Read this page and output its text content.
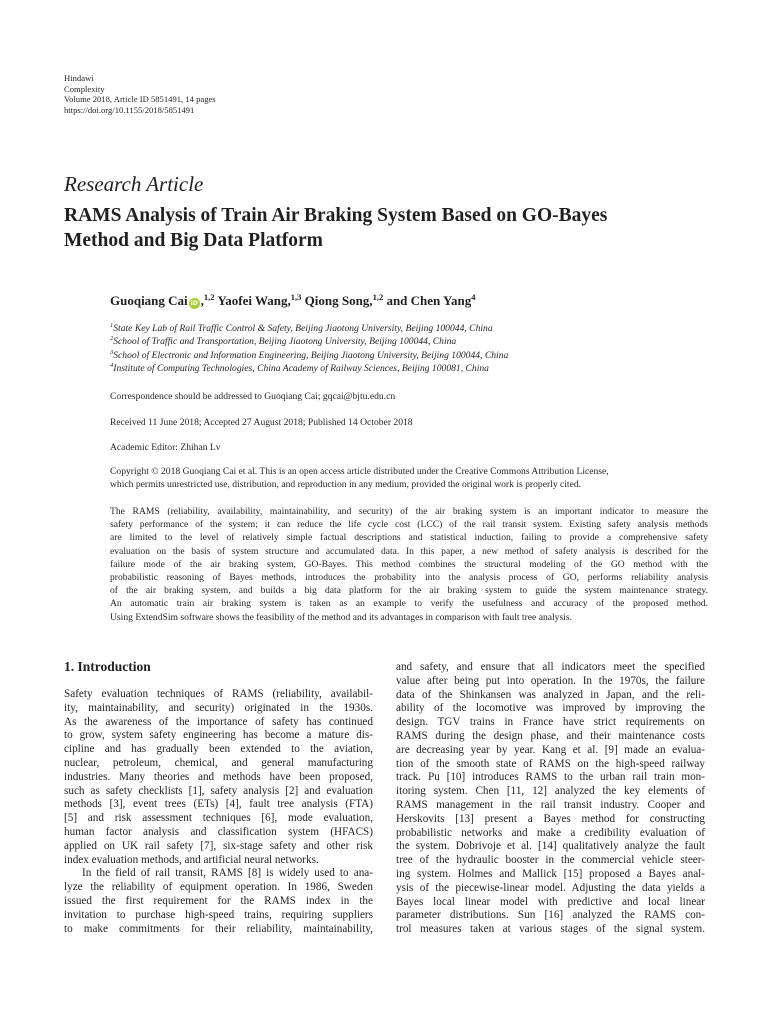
Hindawi
Complexity
Volume 2018, Article ID 5851491, 14 pages
https://doi.org/10.1155/2018/5851491
Research Article
RAMS Analysis of Train Air Braking System Based on GO-Bayes
Method and Big Data Platform
Guoqiang Cai iD ,$^{1,2}$ Yaofei Wang,$^{1,3}$ Qiong Song,$^{1,2}$ and Chen Yang$^4$
$^1$State Key Lab of Rail Traffic Control & Safety, Beijing Jiaotong University, Beijing 100044, China
$^2$School of Traffic and Transportation, Beijing Jiaotong University, Beijing 100044, China
$^3$School of Electronic and Information Engineering, Beijing Jiaotong University, Beijing 100044, China
$^4$Institute of Computing Technologies, China Academy of Railway Sciences, Beijing 100081, China
Correspondence should be addressed to Guoqiang Cai; gqcai@bjtu.edu.cn
Received 11 June 2018; Accepted 27 August 2018; Published 14 October 2018
Academic Editor: Zhihan Lv
Copyright © 2018 Guoqiang Cai et al. This is an open access article distributed under the Creative Commons Attribution License,
which permits unrestricted use, distribution, and reproduction in any medium, provided the original work is properly cited.
The RAMS (reliability, availability, maintainability, and security) of the air braking system is an important indicator to measure the
safety performance of the system; it can reduce the life cycle cost (LCC) of the rail transit system. Existing safety analysis methods
are limited to the level of relatively simple factual descriptions and statistical induction, failing to provide a comprehensive safety
evaluation on the basis of system structure and accumulated data. In this paper, a new method of safety analysis is described for the
failure mode of the air braking system, GO-Bayes. This method combines the structural modeling of the GO method with the
probabilistic reasoning of Bayes methods, introduces the probability into the analysis process of GO, performs reliability analysis
of the air braking system, and builds a big data platform for the air braking system to guide the system maintenance strategy.
An automatic train air braking system is taken as an example to verify the usefulness and accuracy of the proposed method.
Using ExtendSim software shows the feasibility of the method and its advantages in comparison with fault tree analysis.
1. Introduction
Safety evaluation techniques of RAMS (reliability, availabil-
ity, maintainability, and security) originated in the 1930s.
As the awareness of the importance of safety has continued
to grow, system safety engineering has become a mature dis-
cipline and has gradually been extended to the aviation,
nuclear, petroleum, chemical, and general manufacturing
industries. Many theories and methods have been proposed,
such as safety checklists [1], safety analysis [2] and evaluation
methods [3], event trees (ETs) [4], fault tree analysis (FTA)
[5] and risk assessment techniques [6], mode evaluation,
human factor analysis and classification system (HFACS)
applied on UK rail safety [7], six-stage safety and other risk
index evaluation methods, and artificial neural networks.
In the field of rail transit, RAMS [8] is widely used to ana-
lyze the reliability of equipment operation. In 1986, Sweden
issued the first requirement for the RAMS index in the
invitation to purchase high-speed trains, requiring suppliers
to make commitments for their reliability, maintainability,
and safety, and ensure that all indicators meet the specified
value after being put into operation. In the 1970s, the failure
data of the Shinkansen was analyzed in Japan, and the reli-
ability of the locomotive was improved by improving the
design. TGV trains in France have strict requirements on
RAMS during the design phase, and their maintenance costs
are decreasing year by year. Kang et al. [9] made an evalua-
tion of the smooth state of RAMS on the high-speed railway
track. Pu [10] introduces RAMS to the urban rail train mon-
itoring system. Chen [11, 12] analyzed the key elements of
RAMS management in the rail transit industry. Cooper and
Herskovits [13] present a Bayes method for constructing
probabilistic networks and make a credibility evaluation of
the system. Dobrivoje et al. [14] qualitatively analyze the fault
tree of the hydraulic booster in the commercial vehicle steer-
ing system. Holmes and Mallick [15] proposed a Bayes anal-
ysis of the piecewise-linear model. Adjusting the data yields a
Bayes local linear model with predictive and local linear
parameter distributions. Sun [16] analyzed the RAMS con-
trol measures taken at various stages of the signal system.
